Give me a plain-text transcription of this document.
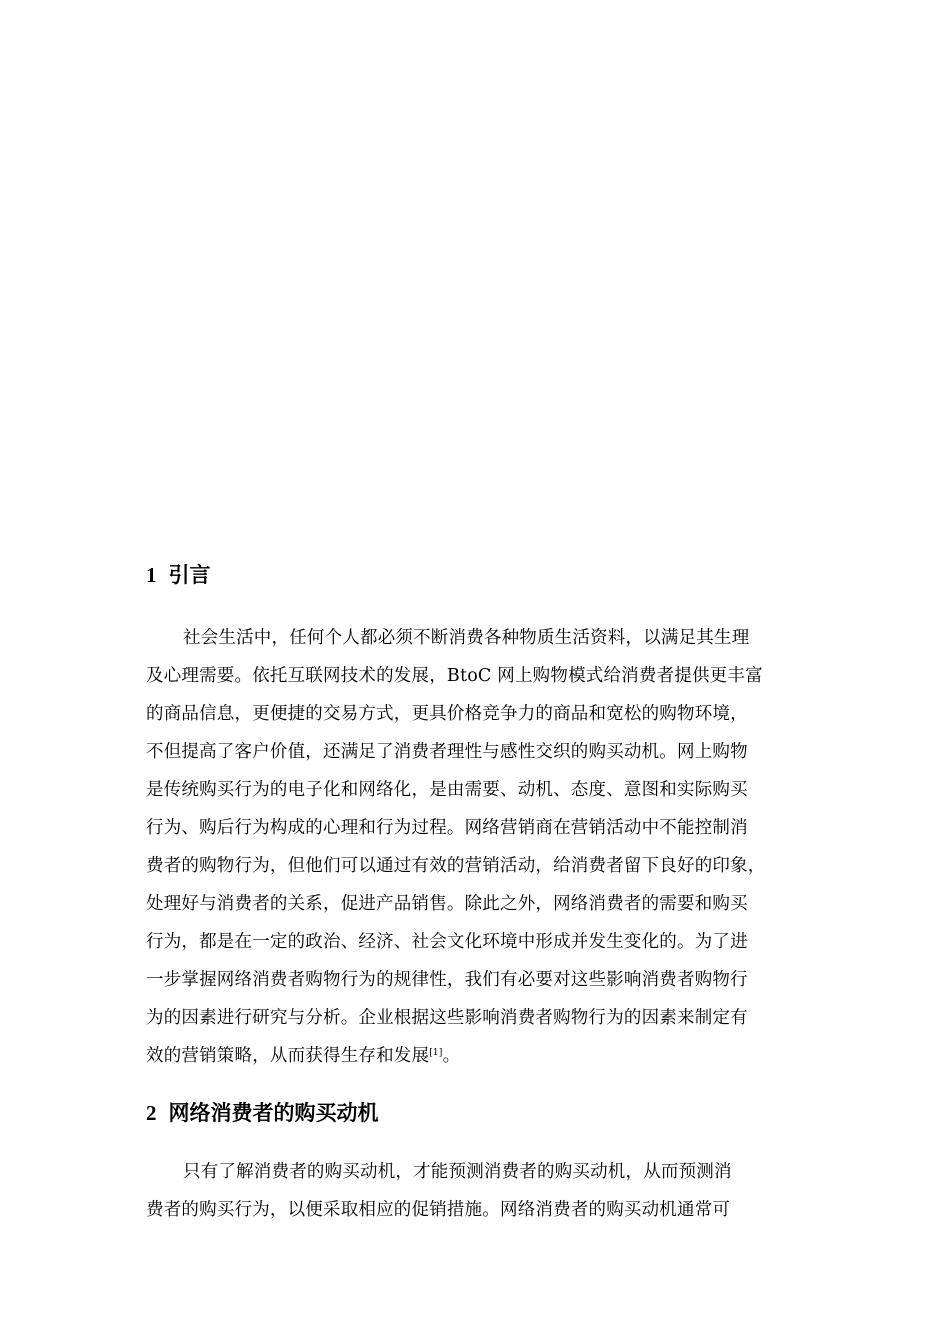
1 引言

社会生活中，任何个人都必须不断消费各种物质生活资料，以满足其生理

及心理需要。依托互联网技术的发展，BtoC 网上购物模式给消费者提供更丰富

的商品信息，更便捷的交易方式，更具价格竞争力的商品和宽松的购物环境，

不但提高了客户价值，还满足了消费者理性与感性交织的购买动机。网上购物

是传统购买行为的电子化和网络化，是由需要、动机、态度、意图和实际购买

行为、购后行为构成的心理和行为过程。网络营销商在营销活动中不能控制消

费者的购物行为，但他们可以通过有效的营销活动，给消费者留下良好的印象，

处理好与消费者的关系，促进产品销售。除此之外，网络消费者的需要和购买

行为，都是在一定的政治、经济、社会文化环境中形成并发生变化的。为了进

一步掌握网络消费者购物行为的规律性，我们有必要对这些影响消费者购物行

为的因素进行研究与分析。企业根据这些影响消费者购物行为的因素来制定有

效的营销策略，从而获得生存和发展[1]。

2 网络消费者的购买动机

只有了解消费者的购买动机，才能预测消费者的购买动机，从而预测消

费者的购买行为，以便采取相应的促销措施。网络消费者的购买动机通常可
